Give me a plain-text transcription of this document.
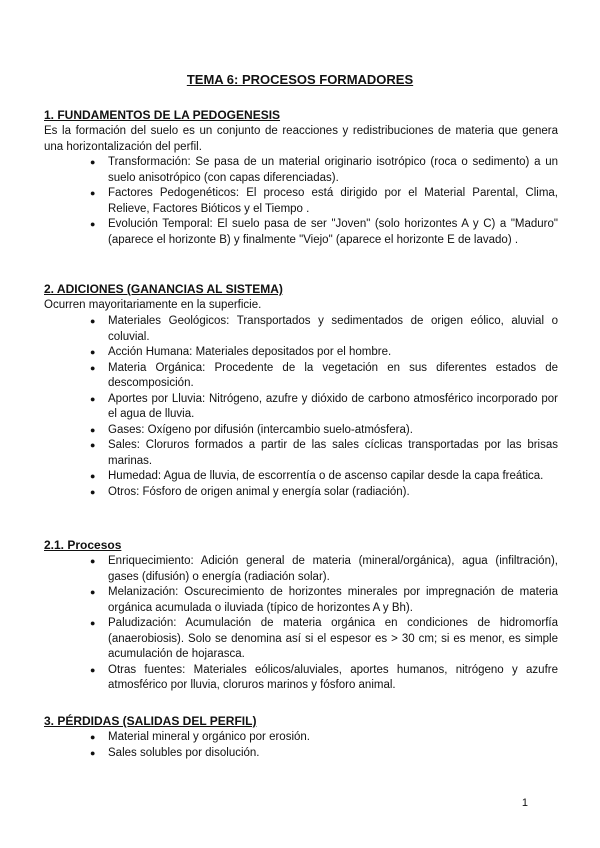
TEMA 6: PROCESOS FORMADORES
1. FUNDAMENTOS DE LA PEDOGENESIS
Es la formación del suelo es un conjunto de reacciones y redistribuciones de materia que genera una horizontalización del perfil.
● Transformación: Se pasa de un material originario isotrópico (roca o sedimento) a un suelo anisotrópico (con capas diferenciadas).
● Factores Pedogenéticos: El proceso está dirigido por el Material Parental, Clima, Relieve, Factores Bióticos y el Tiempo .
● Evolución Temporal: El suelo pasa de ser "Joven" (solo horizontes A y C) a "Maduro" (aparece el horizonte B) y finalmente "Viejo" (aparece el horizonte E de lavado) .
2. ADICIONES (GANANCIAS AL SISTEMA)
Ocurren mayoritariamente en la superficie.
● Materiales Geológicos: Transportados y sedimentados de origen eólico, aluvial o coluvial.
● Acción Humana: Materiales depositados por el hombre.
● Materia Orgánica: Procedente de la vegetación en sus diferentes estados de descomposición.
● Aportes por Lluvia: Nitrógeno, azufre y dióxido de carbono atmosférico incorporado por el agua de lluvia.
● Gases: Oxígeno por difusión (intercambio suelo-atmósfera).
● Sales: Cloruros formados a partir de las sales cíclicas transportadas por las brisas marinas.
● Humedad: Agua de lluvia, de escorrentía o de ascenso capilar desde la capa freática.
● Otros: Fósforo de origen animal y energía solar (radiación).
2.1. Procesos
● Enriquecimiento: Adición general de materia (mineral/orgánica), agua (infiltración), gases (difusión) o energía (radiación solar).
● Melanización: Oscurecimiento de horizontes minerales por impregnación de materia orgánica acumulada o iluviada (típico de horizontes A y Bh).
● Paludización: Acumulación de materia orgánica en condiciones de hidromorfía (anaerobiosis). Solo se denomina así si el espesor es > 30 cm; si es menor, es simple acumulación de hojarasca.
● Otras fuentes: Materiales eólicos/aluviales, aportes humanos, nitrógeno y azufre atmosférico por lluvia, cloruros marinos y fósforo animal.
3. PÉRDIDAS (SALIDAS DEL PERFIL)
● Material mineral y orgánico por erosión.
● Sales solubles por disolución.
1
